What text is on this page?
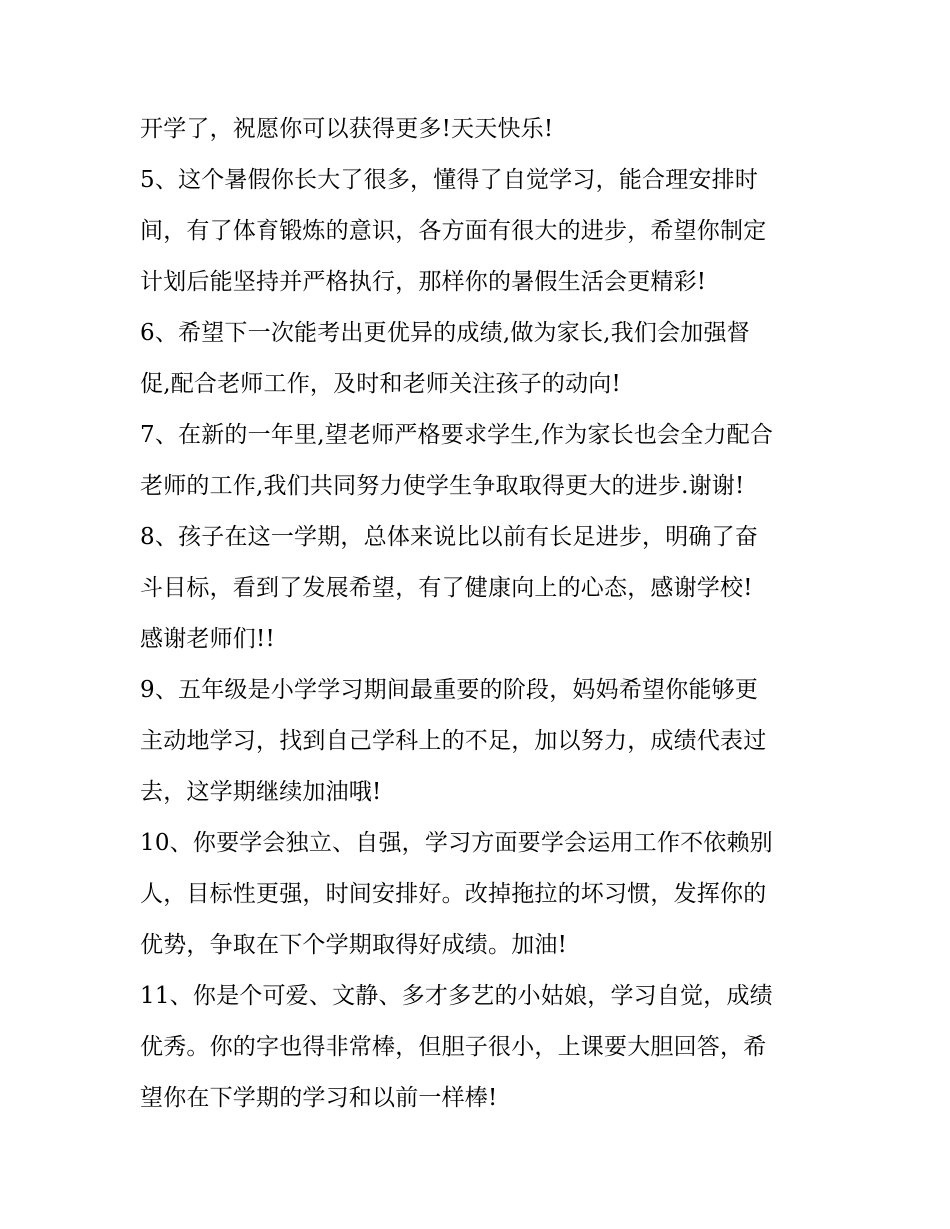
开学了，祝愿你可以获得更多!天天快乐!
5、这个暑假你长大了很多，懂得了自觉学习，能合理安排时
间，有了体育锻炼的意识，各方面有很大的进步，希望你制定
计划后能坚持并严格执行，那样你的暑假生活会更精彩!
6、希望下一次能考出更优异的成绩,做为家长,我们会加强督
促,配合老师工作，及时和老师关注孩子的动向!
7、在新的一年里,望老师严格要求学生,作为家长也会全力配合
老师的工作,我们共同努力使学生争取取得更大的进步.谢谢!
8、孩子在这一学期，总体来说比以前有长足进步，明确了奋
斗目标，看到了发展希望，有了健康向上的心态，感谢学校!
感谢老师们!!
9、五年级是小学学习期间最重要的阶段，妈妈希望你能够更
主动地学习，找到自己学科上的不足，加以努力，成绩代表过
去，这学期继续加油哦!
10、你要学会独立、自强，学习方面要学会运用工作不依赖别
人，目标性更强，时间安排好。改掉拖拉的坏习惯，发挥你的
优势，争取在下个学期取得好成绩。加油!
11、你是个可爱、文静、多才多艺的小姑娘，学习自觉，成绩
优秀。你的字也得非常棒，但胆子很小，上课要大胆回答，希
望你在下学期的学习和以前一样棒!
